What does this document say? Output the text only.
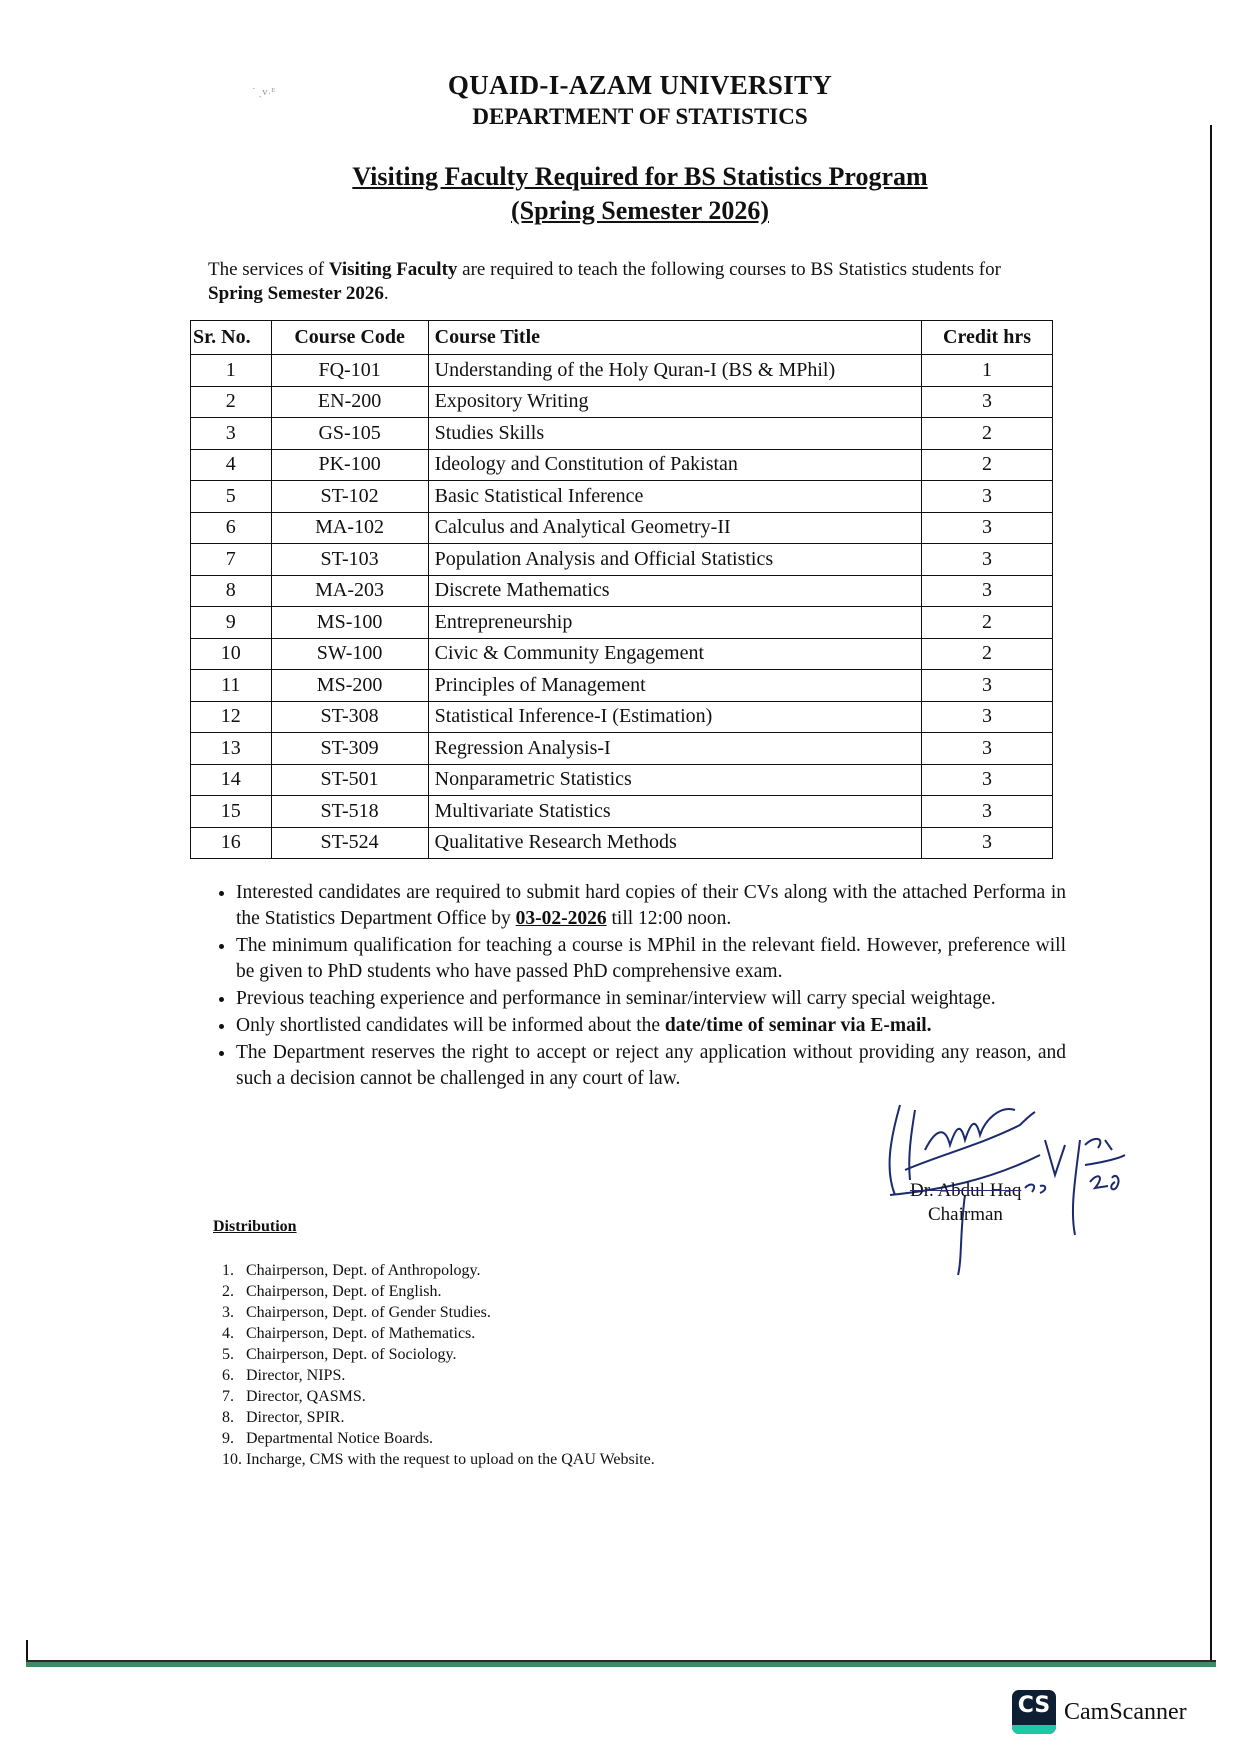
˙ ˎᴠ˒ᴱ	QUAID-I-AZAM UNIVERSITY
DEPARTMENT OF STATISTICS
Visiting Faculty Required for BS Statistics Program
(Spring Semester 2026)
The services of Visiting Faculty are required to teach the following courses to BS Statistics students for Spring Semester 2026.
Sr. No.	Course Code	Course Title	Credit hrs
1	FQ-101	Understanding of the Holy Quran-I (BS & MPhil)	1
2	EN-200	Expository Writing	3
3	GS-105	Studies Skills	2
4	PK-100	Ideology and Constitution of Pakistan	2
5	ST-102	Basic Statistical Inference	3
6	MA-102	Calculus and Analytical Geometry-II	3
7	ST-103	Population Analysis and Official Statistics	3
8	MA-203	Discrete Mathematics	3
9	MS-100	Entrepreneurship	2
10	SW-100	Civic & Community Engagement	2
11	MS-200	Principles of Management	3
12	ST-308	Statistical Inference-I (Estimation)	3
13	ST-309	Regression Analysis-I	3
14	ST-501	Nonparametric Statistics	3
15	ST-518	Multivariate Statistics	3
16	ST-524	Qualitative Research Methods	3
• Interested candidates are required to submit hard copies of their CVs along with the attached Performa in the Statistics Department Office by 03-02-2026 till 12:00 noon.
• The minimum qualification for teaching a course is MPhil in the relevant field. However, preference will be given to PhD students who have passed PhD comprehensive exam.
• Previous teaching experience and performance in seminar/interview will carry special weightage.
• Only shortlisted candidates will be informed about the date/time of seminar via E-mail.
• The Department reserves the right to accept or reject any application without providing any reason, and such a decision cannot be challenged in any court of law.
Dr. Abdul Haq
Chairman
Distribution
1. Chairperson, Dept. of Anthropology.
2. Chairperson, Dept. of English.
3. Chairperson, Dept. of Gender Studies.
4. Chairperson, Dept. of Mathematics.
5. Chairperson, Dept. of Sociology.
6. Director, NIPS.
7. Director, QASMS.
8. Director, SPIR.
9. Departmental Notice Boards.
10. Incharge, CMS with the request to upload on the QAU Website.
CS CamScanner
